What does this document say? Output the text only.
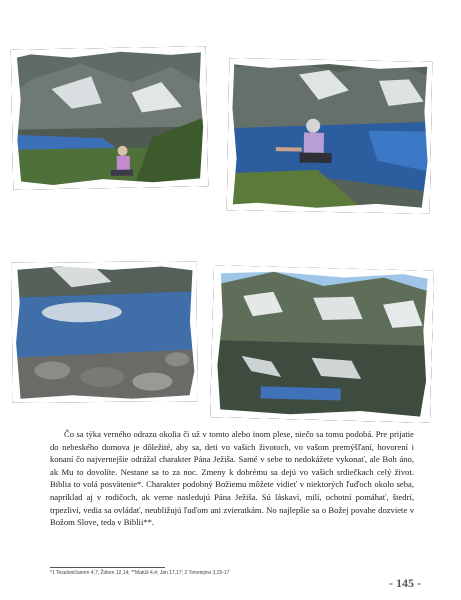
Čo sa týka verného odrazu okolia či už v tomto alebo inom plese, niečo sa tomu podobá. Pre prijatie do nebeského domova je dôležité, aby sa, deti vo vašich životoch, vo vašom premýšľaní, hovorení i konaní čo najvernejšie odrážal charakter Pána Ježiša. Samé v sebe to nedokážete vykonať, ale Boh áno, ak Mu to dovolíte. Nestane sa to za noc. Zmeny k dobrému sa dejú vo vašich srdiečkach celý život. Biblia to volá posvätenie*. Charakter podobný Božiemu môžete vidieť v niektorých ľuďoch okolo seba, napríklad aj v rodičoch, ak verne nasledujú Pána Ježiša. Sú láskaví, milí, ochotní pomáhať, štedrí, trpezliví, vedia sa ovládať, neubližujú ľuďom ani zvieratkám. No najlepšie sa o Božej povahe dozviete v Božom Slove, teda v Biblii**.

*1 Tesaloničanom 4,7; Židom 12,14; **Matúš 4,4; Ján 17,17; 2 Timotejovi 3,15-17
- 145 -
